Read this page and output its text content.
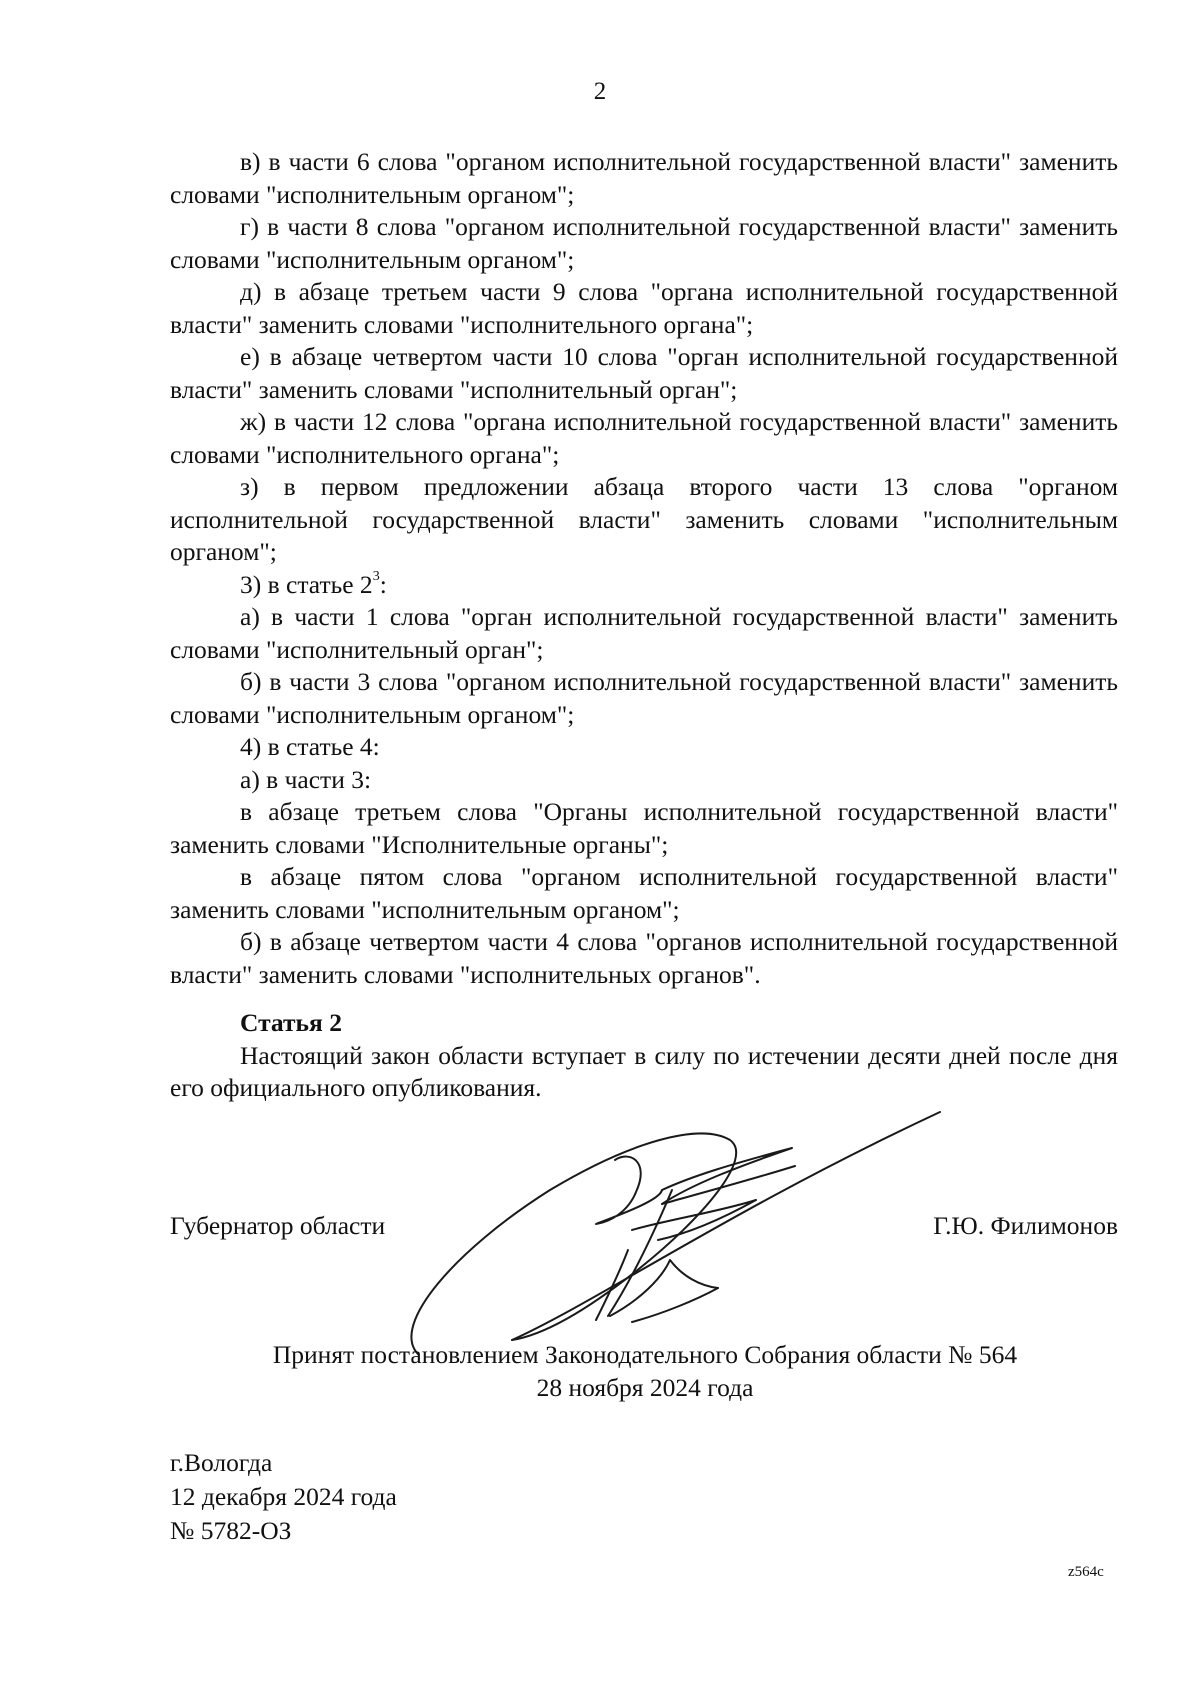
2

в) в части 6 слова "органом исполнительной государственной власти" заменить словами "исполнительным органом";

г) в части 8 слова "органом исполнительной государственной власти" заменить словами "исполнительным органом";

д) в абзаце третьем части 9 слова "органа исполнительной государственной власти" заменить словами "исполнительного органа";

е) в абзаце четвертом части 10 слова "орган исполнительной государственной власти" заменить словами "исполнительный орган";

ж) в части 12 слова "органа исполнительной государственной власти" заменить словами "исполнительного органа";

з) в первом предложении абзаца второго части 13 слова "органом исполнительной государственной власти" заменить словами "исполнительным органом";

3) в статье $2^3$:

а) в части 1 слова "орган исполнительной государственной власти" заменить словами "исполнительный орган";

б) в части 3 слова "органом исполнительной государственной власти" заменить словами "исполнительным органом";

4) в статье 4:

а) в части 3:

в абзаце третьем слова "Органы исполнительной государственной власти" заменить словами "Исполнительные органы";

в абзаце пятом слова "органом исполнительной государственной власти" заменить словами "исполнительным органом";

б) в абзаце четвертом части 4 слова "органов исполнительной государственной власти" заменить словами "исполнительных органов".

Статья 2

Настоящий закон области вступает в силу по истечении десяти дней после дня его официального опубликования.

Губернатор области	Г.Ю. Филимонов
Принят постановлением Законодательного Собрания области № 564
28 ноября 2024 года
г.Вологда
12 декабря 2024 года
№ 5782-ОЗ
z564c
